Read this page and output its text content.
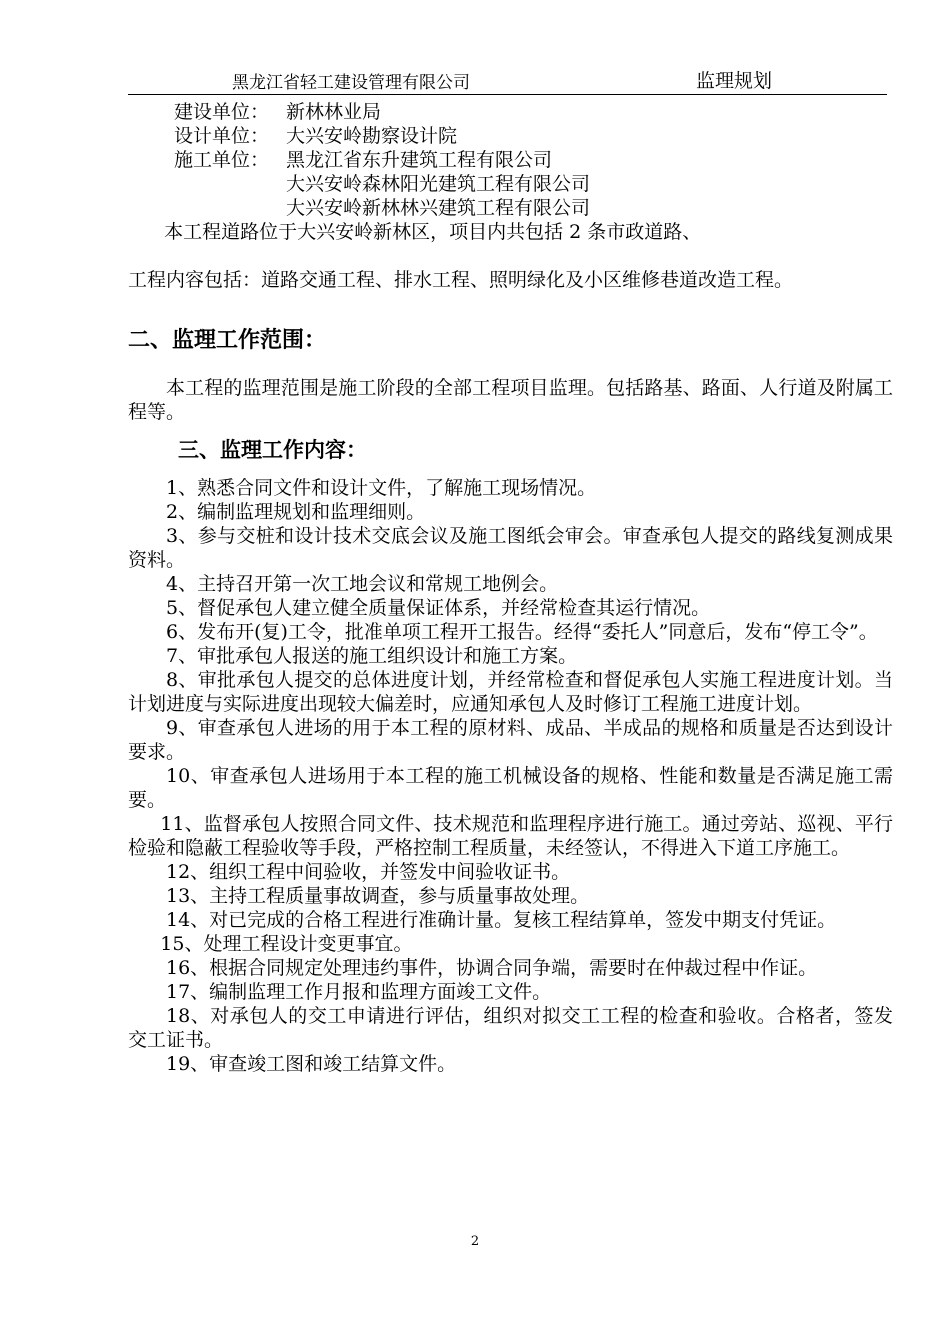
黑龙江省轻工建设管理有限公司	监理规划
建设单位： 新林林业局
设计单位： 大兴安岭勘察设计院
施工单位： 黑龙江省东升建筑工程有限公司
大兴安岭森林阳光建筑工程有限公司
大兴安岭新林林兴建筑工程有限公司

本工程道路位于大兴安岭新林区，项目内共包括 2 条市政道路、

工程内容包括：道路交通工程、排水工程、照明绿化及小区维修巷道改造工程。

二、监理工作范围：

本工程的监理范围是施工阶段的全部工程项目监理。包括路基、路面、人行道及附属工程等。

三、监理工作内容：

1、熟悉合同文件和设计文件，了解施工现场情况。

2、编制监理规划和监理细则。

3、参与交桩和设计技术交底会议及施工图纸会审会。审查承包人提交的路线复测成果资料。

4、主持召开第一次工地会议和常规工地例会。

5、督促承包人建立健全质量保证体系，并经常检查其运行情况。

6、发布开(复)工令，批准单项工程开工报告。经得“委托人”同意后，发布“停工令”。

7、审批承包人报送的施工组织设计和施工方案。

8、审批承包人提交的总体进度计划，并经常检查和督促承包人实施工程进度计划。当计划进度与实际进度出现较大偏差时，应通知承包人及时修订工程施工进度计划。

9、审查承包人进场的用于本工程的原材料、成品、半成品的规格和质量是否达到设计要求。

10、审查承包人进场用于本工程的施工机械设备的规格、性能和数量是否满足施工需要。

11、监督承包人按照合同文件、技术规范和监理程序进行施工。通过旁站、巡视、平行检验和隐蔽工程验收等手段，严格控制工程质量，未经签认，不得进入下道工序施工。

12、组织工程中间验收，并签发中间验收证书。

13、主持工程质量事故调查，参与质量事故处理。

14、对已完成的合格工程进行准确计量。复核工程结算单，签发中期支付凭证。

15、处理工程设计变更事宜。

16、根据合同规定处理违约事件，协调合同争端，需要时在仲裁过程中作证。

17、编制监理工作月报和监理方面竣工文件。

18、对承包人的交工申请进行评估，组织对拟交工工程的检查和验收。合格者，签发交工证书。

19、审查竣工图和竣工结算文件。

2
